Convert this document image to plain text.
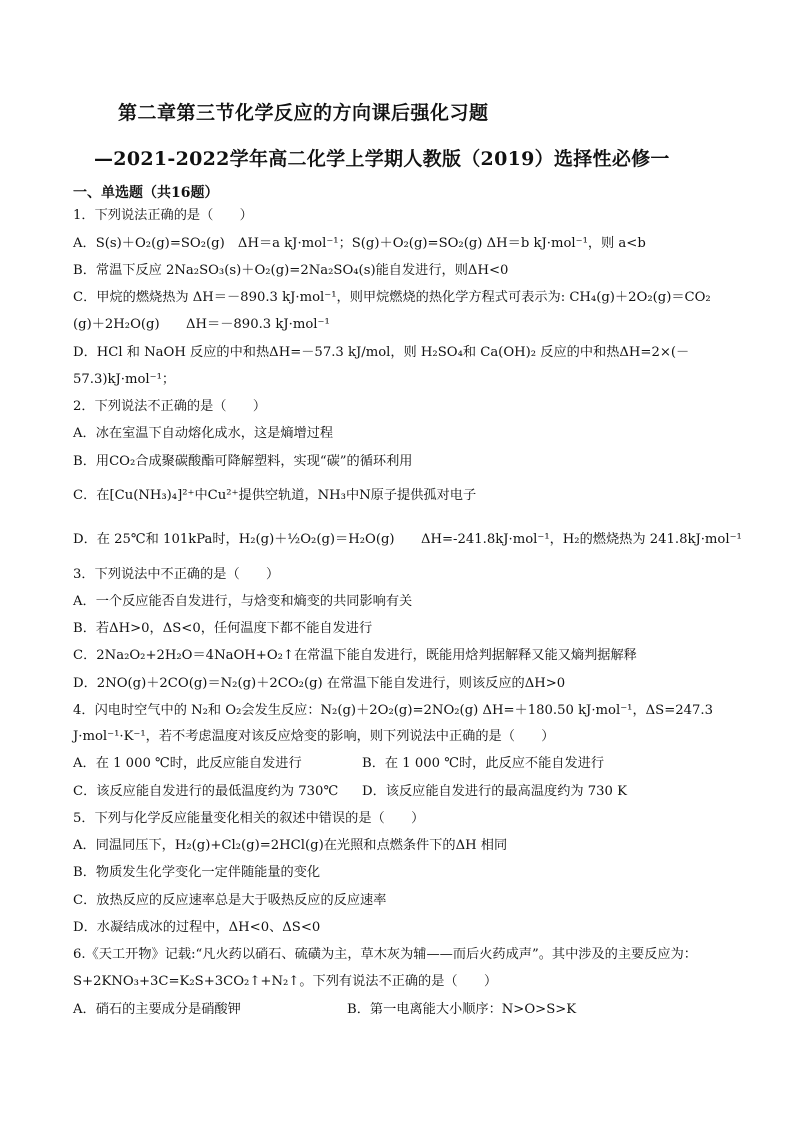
第二章第三节化学反应的方向课后强化习题
—2021-2022学年高二化学上学期人教版（2019）选择性必修一
一、单选题（共16题）
1．下列说法正确的是（　　）
A．S(s)＋O₂(g)=SO₂(g)　ΔH＝a kJ·mol⁻¹；S(g)＋O₂(g)=SO₂(g) ΔH＝b kJ·mol⁻¹，则 a<b
B．常温下反应 2Na₂SO₃(s)＋O₂(g)=2Na₂SO₄(s)能自发进行，则ΔH<0
C．甲烷的燃烧热为 ΔH＝－890.3 kJ·mol⁻¹，则甲烷燃烧的热化学方程式可表示为: CH₄(g)＋2O₂(g)＝CO₂
(g)＋2H₂O(g)　　ΔH＝－890.3 kJ·mol⁻¹
D．HCl 和 NaOH 反应的中和热ΔH=－57.3 kJ/mol，则 H₂SO₄和 Ca(OH)₂ 反应的中和热ΔH=2×(－
57.3)kJ·mol⁻¹；
2．下列说法不正确的是（　　）
A．冰在室温下自动熔化成水，这是熵增过程
B．用CO₂合成聚碳酸酯可降解塑料，实现“碳”的循环利用
C．在[Cu(NH₃)₄]²⁺中Cu²⁺提供空轨道，NH₃中N原子提供孤对电子
D．在 25℃和 101kPa时，H₂(g)＋½O₂(g)＝H₂O(g)　　ΔH=-241.8kJ·mol⁻¹，H₂的燃烧热为 241.8kJ·mol⁻¹
3．下列说法中不正确的是（　　）
A．一个反应能否自发进行，与焓变和熵变的共同影响有关
B．若ΔH>0，ΔS<0，任何温度下都不能自发进行
C．2Na₂O₂+2H₂O＝4NaOH+O₂↑在常温下能自发进行，既能用焓判据解释又能又熵判据解释
D．2NO(g)＋2CO(g)＝N₂(g)＋2CO₂(g) 在常温下能自发进行，则该反应的ΔH>0
4．闪电时空气中的 N₂和 O₂会发生反应：N₂(g)＋2O₂(g)=2NO₂(g) ΔH=＋180.50 kJ·mol⁻¹，ΔS=247.3
J·mol⁻¹·K⁻¹，若不考虑温度对该反应焓变的影响，则下列说法中正确的是（　　）
A．在 1 000 ℃时，此反应能自发进行	B．在 1 000 ℃时，此反应不能自发进行
C．该反应能自发进行的最低温度约为 730℃ D．该反应能自发进行的最高温度约为 730 K
5．下列与化学反应能量变化相关的叙述中错误的是（　　）
A．同温同压下，H₂(g)+Cl₂(g)=2HCl(g)在光照和点燃条件下的ΔH 相同
B．物质发生化学变化一定伴随能量的变化
C．放热反应的反应速率总是大于吸热反应的反应速率
D．水凝结成冰的过程中，ΔH<0、ΔS<0
6.《天工开物》记载:“凡火药以硝石、硫磺为主，草木灰为辅——而后火药成声”。其中涉及的主要反应为：
S+2KNO₃+3C=K₂S+3CO₂↑+N₂↑。下列有说法不正确的是（　　）
A．硝石的主要成分是硝酸钾	B．第一电离能大小顺序：N>O>S>K
